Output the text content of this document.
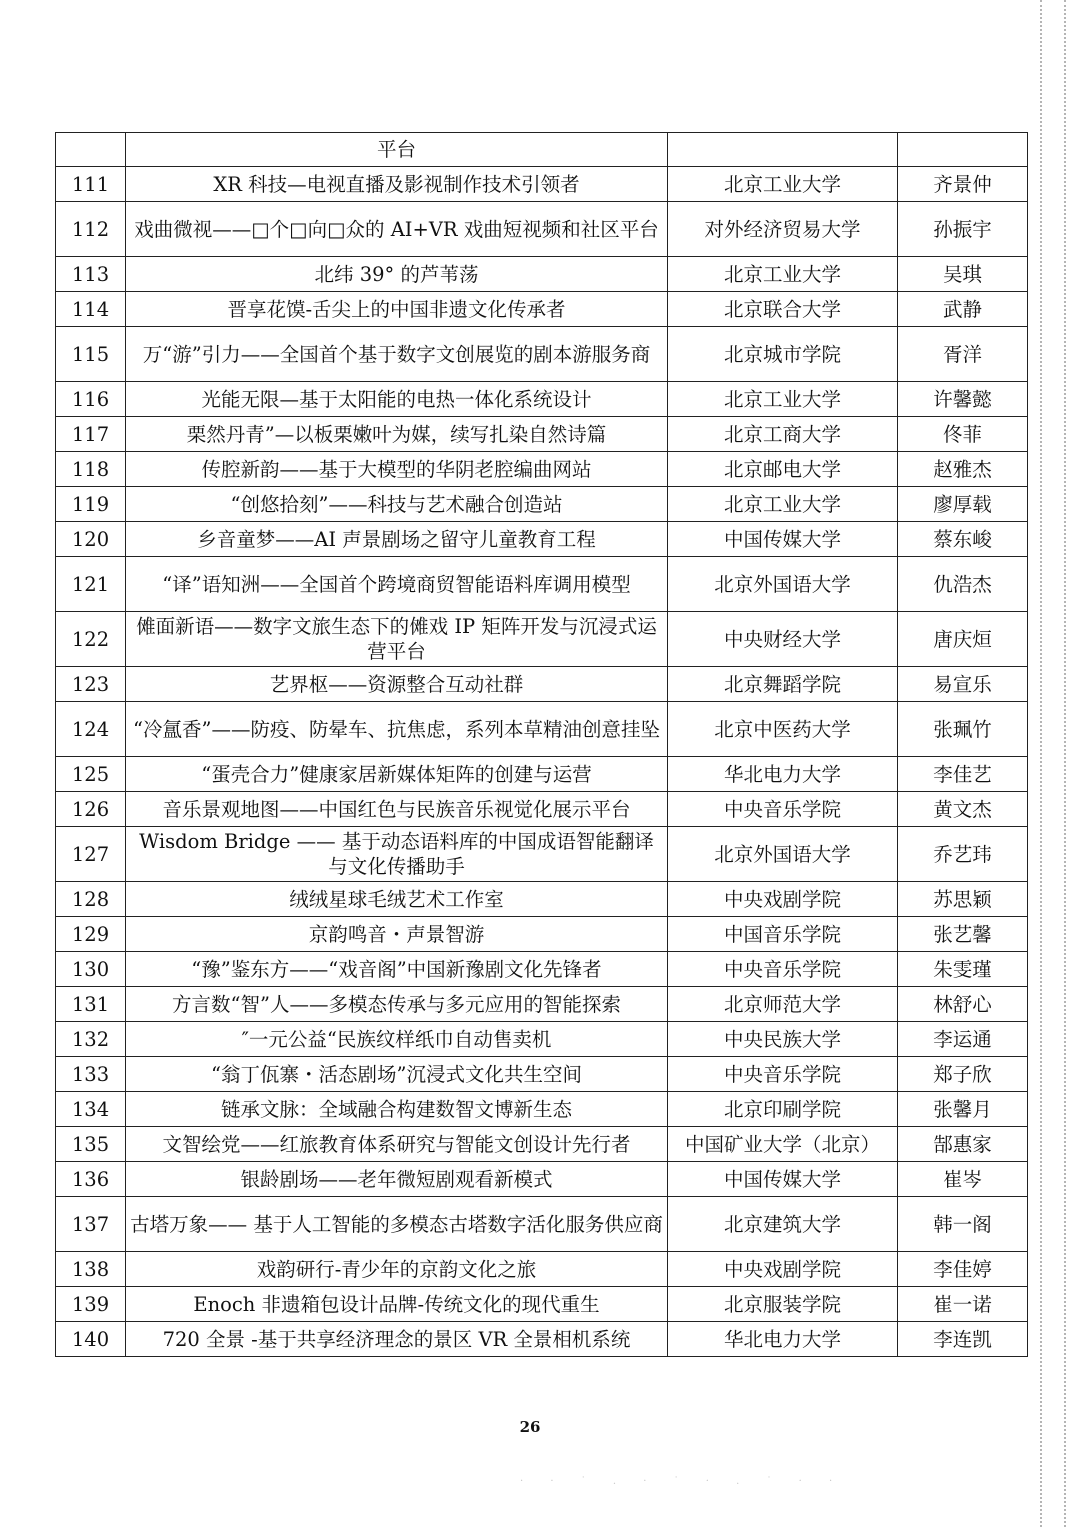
	平台		
111	XR 科技—电视直播及影视制作技术引领者	北京工业大学	齐景仲
112	戏曲微视——□个□向□众的 AI+VR 戏曲短视频和社区平台	对外经济贸易大学	孙振宇
113	北纬 39° 的芦苇荡	北京工业大学	吴琪
114	晋享花馍-舌尖上的中国非遗文化传承者	北京联合大学	武静
115	万“游”引力——全国首个基于数字文创展览的剧本游服务商	北京城市学院	胥洋
116	光能无限—基于太阳能的电热一体化系统设计	北京工业大学	许馨懿
117	栗然丹青”—以板栗嫩叶为媒，续写扎染自然诗篇	北京工商大学	佟菲
118	传腔新韵——基于大模型的华阴老腔编曲网站	北京邮电大学	赵雅杰
119	“创悠拾刻”——科技与艺术融合创造站	北京工业大学	廖厚载
120	乡音童梦——AI 声景剧场之留守儿童教育工程	中国传媒大学	蔡东峻
121	“译”语知洲——全国首个跨境商贸智能语料库调用模型	北京外国语大学	仇浩杰
122	傩面新语——数字文旅生态下的傩戏 IP 矩阵开发与沉浸式运营平台	中央财经大学	唐庆烜
123	艺界枢——资源整合互动社群	北京舞蹈学院	易宣乐
124	“冷氲香”——防疫、防晕车、抗焦虑，系列本草精油创意挂坠	北京中医药大学	张珮竹
125	“蛋壳合力”健康家居新媒体矩阵的创建与运营	华北电力大学	李佳艺
126	音乐景观地图——中国红色与民族音乐视觉化展示平台	中央音乐学院	黄文杰
127	Wisdom Bridge —— 基于动态语料库的中国成语智能翻译与文化传播助手	北京外国语大学	乔艺玮
128	绒绒星球毛绒艺术工作室	中央戏剧学院	苏思颖
129	京韵鸣音・声景智游	中国音乐学院	张艺馨
130	“豫”鉴东方——“戏音阁”中国新豫剧文化先锋者	中央音乐学院	朱雯瑾
131	方言数“智”人——多模态传承与多元应用的智能探索	北京师范大学	林舒心
132	″一元公益“民族纹样纸巾自动售卖机	中央民族大学	李运通
133	“翁丁佤寨・活态剧场”沉浸式文化共生空间	中央音乐学院	郑子欣
134	链承文脉：全域融合构建数智文博新生态	北京印刷学院	张馨月
135	文智绘党——红旅教育体系研究与智能文创设计先行者	中国矿业大学（北京）	郜惠家
136	银龄剧场——老年微短剧观看新模式	中国传媒大学	崔岑
137	古塔万象—— 基于人工智能的多模态古塔数字活化服务供应商	北京建筑大学	韩一阁
138	戏韵研行-青少年的京韵文化之旅	中央戏剧学院	李佳婷
139	Enoch 非遗箱包设计品牌-传统文化的现代重生	北京服装学院	崔一诺
140	720 全景 -基于共享经济理念的景区 VR 全景相机系统	华北电力大学	李连凯
26
· · ˙ . · ˙ · . ˙ · ·
